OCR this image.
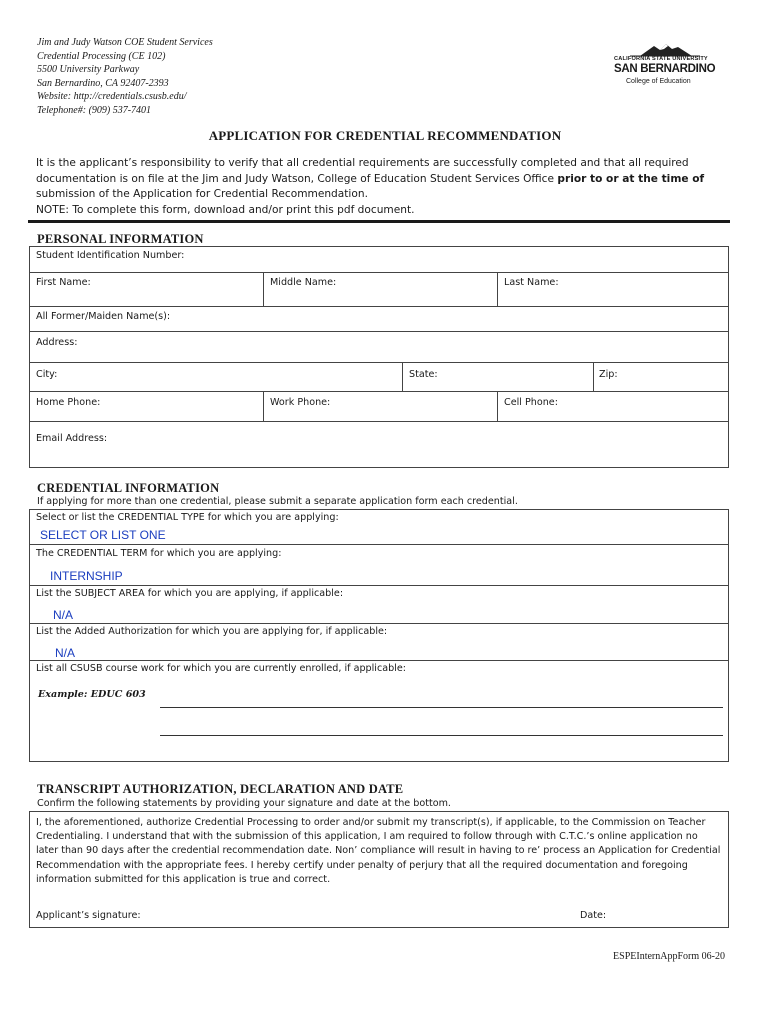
Jim and Judy Watson COE Student Services
Credential Processing (CE 102)
5500 University Parkway
San Bernardino, CA 92407-2393
Website: http://credentials.csusb.edu/
Telephone#: (909) 537-7401
CALIFORNIA STATE UNIVERSITY
SAN BERNARDINO
College of Education
APPLICATION FOR CREDENTIAL RECOMMENDATION
It is the applicant’s responsibility to verify that all credential requirements are successfully completed and that all required documentation is on file at the Jim and Judy Watson, College of Education Student Services Office prior to or at the time of submission of the Application for Credential Recommendation.
NOTE: To complete this form, download and/or print this pdf document.
PERSONAL INFORMATION
Student Identification Number:
First Name:	Middle Name:	Last Name:
All Former/Maiden Name(s):
Address:
City:	State:	Zip:
Home Phone:	Work Phone:	Cell Phone:
Email Address:
CREDENTIAL INFORMATION
If applying for more than one credential, please submit a separate application form each credential.
Select or list the CREDENTIAL TYPE for which you are applying:
SELECT OR LIST ONE
The CREDENTIAL TERM for which you are applying:
INTERNSHIP
List the SUBJECT AREA for which you are applying, if applicable:
N/A
List the Added Authorization for which you are applying for, if applicable:
N/A
List all CSUSB course work for which you are currently enrolled, if applicable:
Example: EDUC 603
TRANSCRIPT AUTHORIZATION, DECLARATION AND DATE
Confirm the following statements by providing your signature and date at the bottom.
I, the aforementioned, authorize Credential Processing to order and/or submit my transcript(s), if applicable, to the Commission on Teacher Credentialing. I understand that with the submission of this application, I am required to follow through with C.T.C.’s online application no later than 90 days after the credential recommendation date. Non’ compliance will result in having to re’ process an Application for Credential Recommendation with the appropriate fees. I hereby certify under penalty of perjury that all the required documentation and foregoing information submitted for this application is true and correct.
Applicant’s signature:	Date:
ESPEInternAppForm 06-20
